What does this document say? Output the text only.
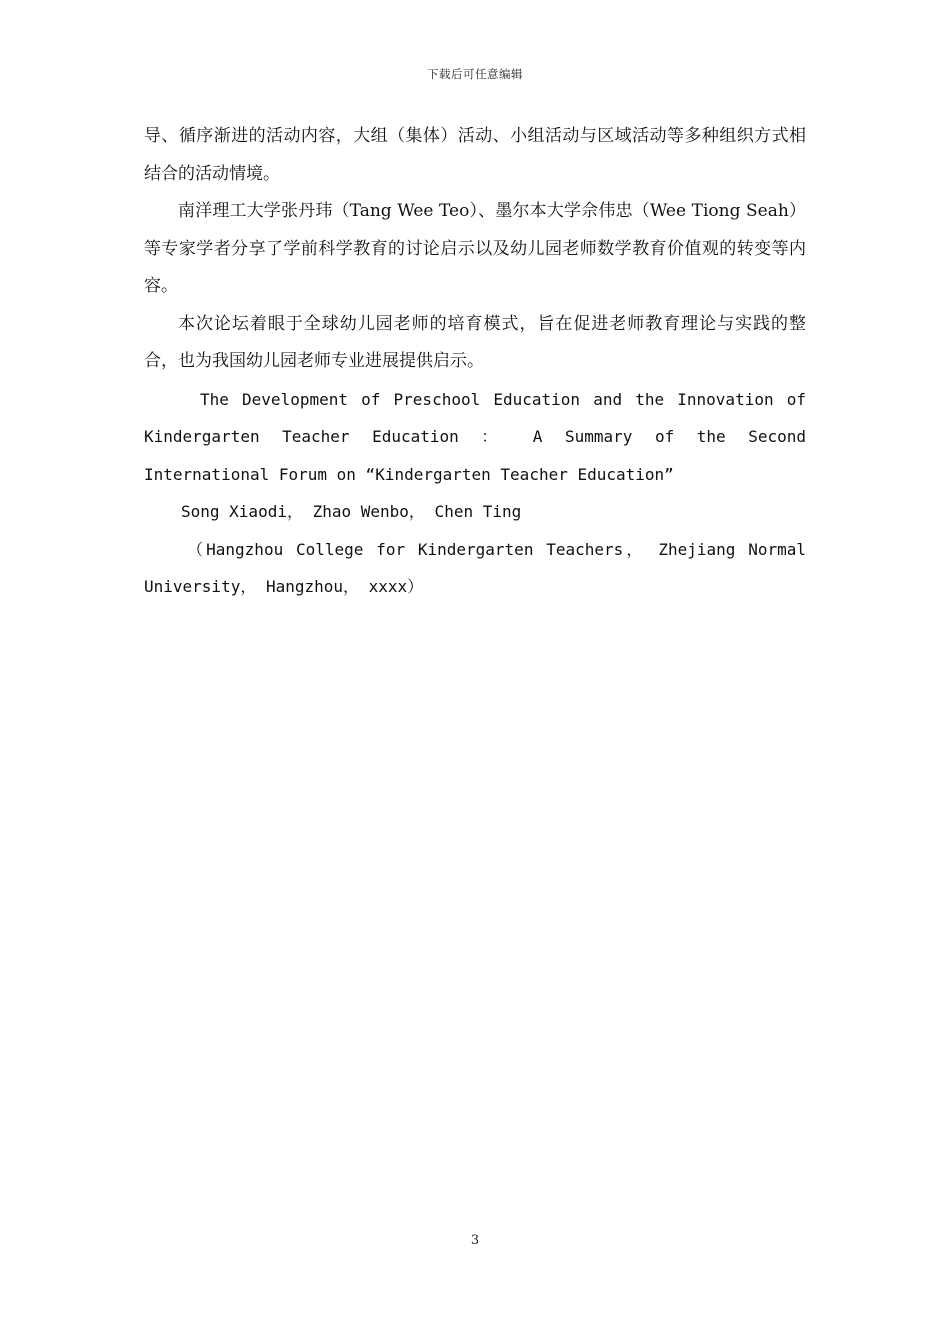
下载后可任意编辑

导、循序渐进的活动内容，大组（集体）活动、小组活动与区域活动等多种组织方式相结合的活动情境。

南洋理工大学张丹玮（Tang Wee Teo）、墨尔本大学佘伟忠（Wee Tiong Seah）等专家学者分享了学前科学教育的讨论启示以及幼儿园老师数学教育价值观的转变等内容。

本次论坛着眼于全球幼儿园老师的培育模式，旨在促进老师教育理论与实践的整合，也为我国幼儿园老师专业进展提供启示。

The Development of Preschool Education and the Innovation of
Kindergarten Teacher Education ： A Summary of the Second
International Forum on “Kindergarten Teacher Education”
Song Xiaodi， Zhao Wenbo， Chen Ting
（Hangzhou College for Kindergarten Teachers， Zhejiang Normal
University， Hangzhou， xxxx）
3
